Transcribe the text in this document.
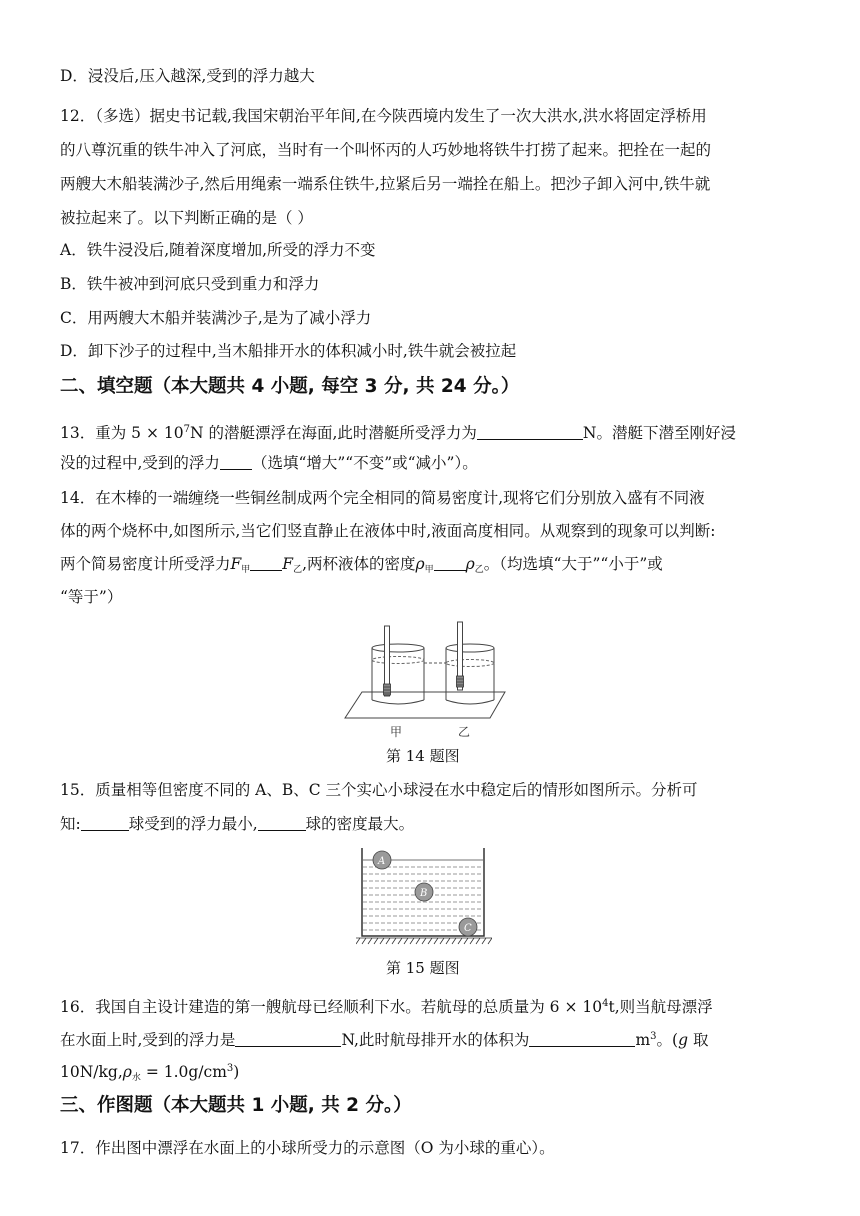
D．浸没后,压入越深,受到的浮力越大
12．（多选）据史书记载,我国宋朝治平年间,在今陕西境内发生了一次大洪水,洪水将固定浮桥用
的八尊沉重的铁牛冲入了河底，当时有一个叫怀丙的人巧妙地将铁牛打捞了起来。把拴在一起的
两艘大木船装满沙子,然后用绳索一端系住铁牛,拉紧后另一端拴在船上。把沙子卸入河中,铁牛就
被拉起来了。以下判断正确的是（ ）
A．铁牛浸没后,随着深度增加,所受的浮力不变
B．铁牛被冲到河底只受到重力和浮力
C．用两艘大木船并装满沙子,是为了减小浮力
D．卸下沙子的过程中,当木船排开水的体积减小时,铁牛就会被拉起
二、填空题（本大题共 4 小题, 每空 3 分, 共 24 分。）
13．重为 $5 \times 10^7N$ 的潜艇漂浮在海面,此时潜艇所受浮力为	N。潜艇下潜至刚好浸
没的过程中,受到的浮力 （选填“增大”“不变”或“减小”）。
14．在木棒的一端缠绕一些铜丝制成两个完全相同的简易密度计,现将它们分别放入盛有不同液
体的两个烧杯中,如图所示,当它们竖直静止在液体中时,液面高度相同。从观察到的现象可以判断:
两个简易密度计所受浮力$F_甲$ $F_乙$,两杯液体的密度$\rho_甲$ $\rho_乙$。（均选填“大于”“小于”或
“等于”）
甲	乙
第 14 题图
15．质量相等但密度不同的 A、B、C 三个实心小球浸在水中稳定后的情形如图所示。分析可
知:	球受到的浮力最小,	球的密度最大。
A
B
C
第 15 题图
16．我国自主设计建造的第一艘航母已经顺利下水。若航母的总质量为 $6 \times 10^4t$,则当航母漂浮
在水面上时,受到的浮力是	N,此时航母排开水的体积为	$m^3$。(g 取
$10N/kg,\rho_水 = 1.0g/cm^3$)
三、作图题（本大题共 1 小题, 共 2 分。）
17．作出图中漂浮在水面上的小球所受力的示意图（O 为小球的重心）。
